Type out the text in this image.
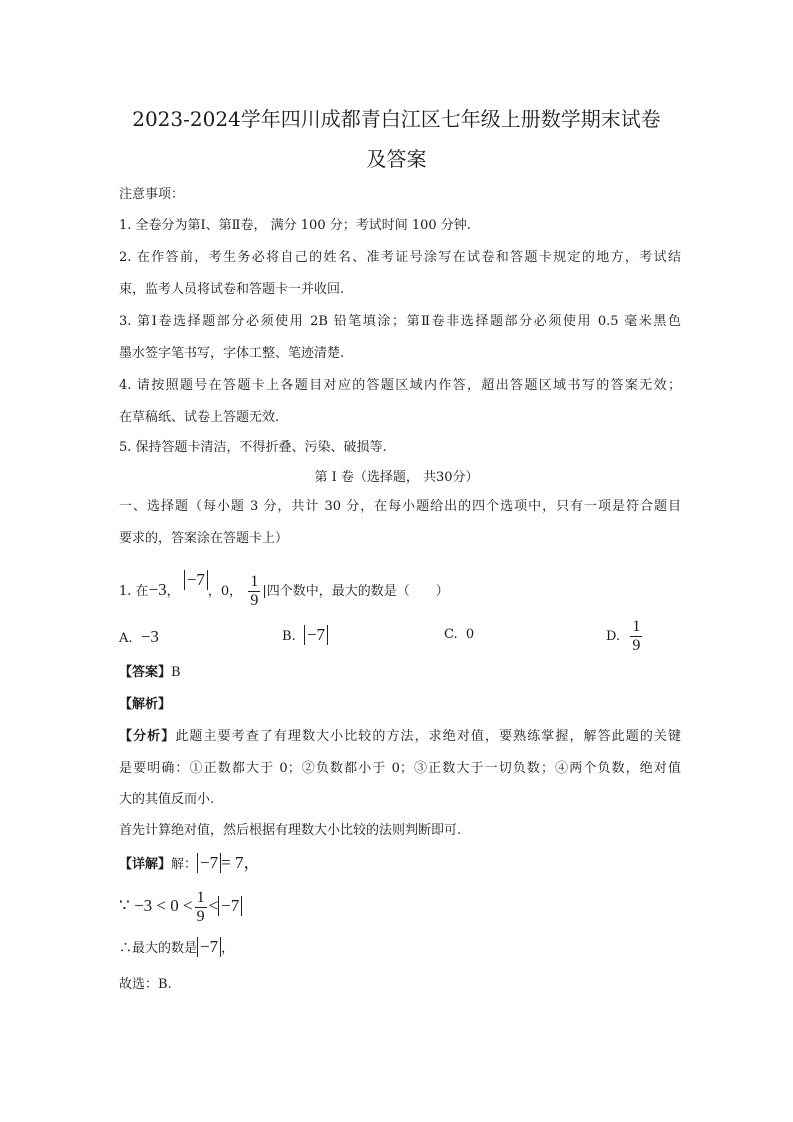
2023-2024学年四川成都青白江区七年级上册数学期末试卷
及答案
注意事项：
1. 全卷分为第Ⅰ、第Ⅱ卷， 满分 100 分；考试时间 100 分钟.
2. 在作答前，考生务必将自己的姓名、准考证号涂写在试卷和答题卡规定的地方，考试结
束，监考人员将试卷和答题卡一并收回.
3. 第Ⅰ卷选择题部分必须使用 2B 铅笔填涂；第Ⅱ卷非选择题部分必须使用 0.5 毫米黑色
墨水签字笔书写，字体工整、笔迹清楚.
4. 请按照题号在答题卡上各题目对应的答题区域内作答，超出答题区域书写的答案无效；
在草稿纸、试卷上答题无效.
5. 保持答题卡清洁，不得折叠、污染、破损等.
第 Ⅰ 卷（选择题， 共30分）
一、选择题（每小题 3 分，共计 30 分，在每小题给出的四个选项中，只有一项是符合题目
要求的，答案涂在答题卡上）
1. 在−3， −7，0， $\frac{1}{9}$ |四个数中，最大的数是（　　）
A. −3	B. −7	C. 0	D. $\frac{1}{9}$
【答案】B
【解析】
【分析】此题主要考查了有理数大小比较的方法，求绝对值，要熟练掌握，解答此题的关键
是要明确：①正数都大于 0；②负数都小于 0；③正数大于一切负数；④两个负数，绝对值
大的其值反而小.
首先计算绝对值，然后根据有理数大小比较的法则判断即可.
【详解】解： −7 = 7，
∵ $-3 < 0 < \frac{1}{9} < -7$
∴最大的数是 −7 ，
故选：B.
